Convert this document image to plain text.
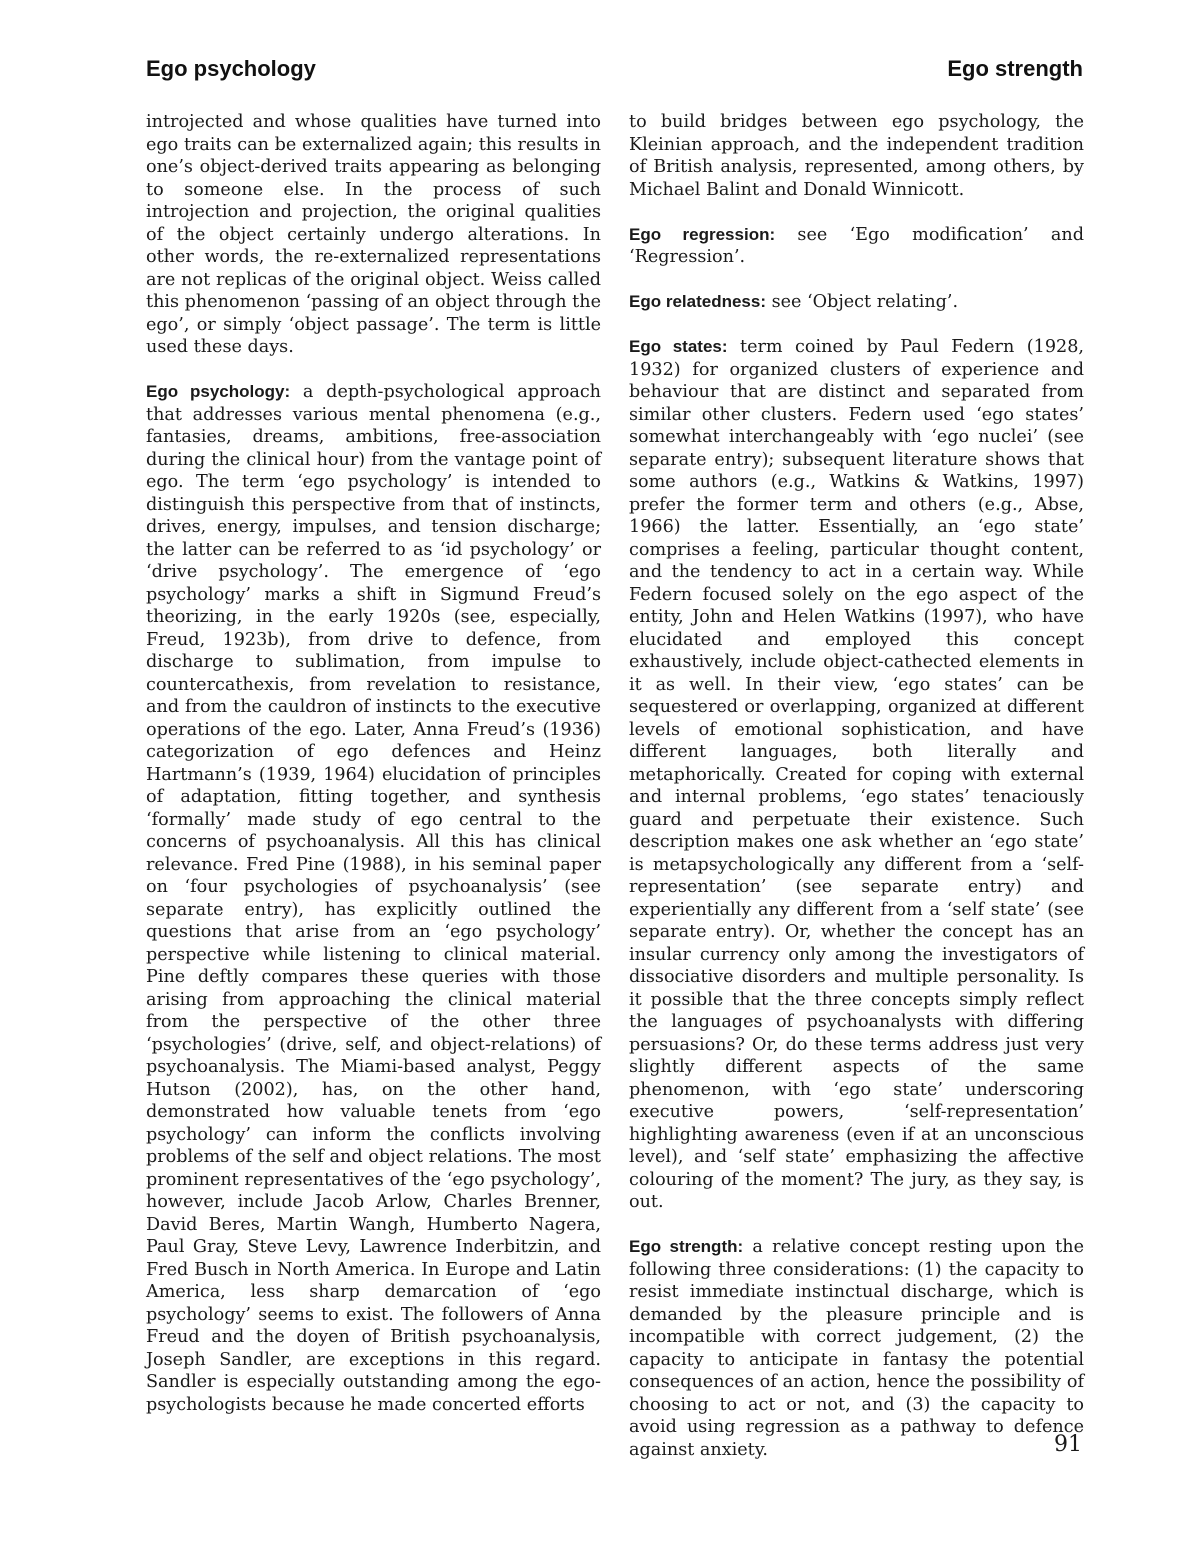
Ego psychology	Ego strength

introjected and whose qualities have turned into ego traits can be externalized again; this results in one’s object-derived traits appearing as belonging to someone else. In the process of such introjection and projection, the original qualities of the object certainly undergo alterations. In other words, the re-externalized representations are not replicas of the original object. Weiss called this phenomenon ‘passing of an object through the ego’, or simply ‘object passage’. The term is little used these days.

Ego psychology: a depth-psychological approach that addresses various mental phenomena (e.g., fantasies, dreams, ambitions, free-association during the clinical hour) from the vantage point of ego. The term ‘ego psychology’ is intended to distinguish this perspective from that of instincts, drives, energy, impulses, and tension discharge; the latter can be referred to as ‘id psychology’ or ‘drive psychology’. The emergence of ‘ego psychology’ marks a shift in Sigmund Freud’s theorizing, in the early 1920s (see, especially, Freud, 1923b), from drive to defence, from discharge to sublimation, from impulse to countercathexis, from revelation to resistance, and from the cauldron of instincts to the executive operations of the ego. Later, Anna Freud’s (1936) categorization of ego defences and Heinz Hartmann’s (1939, 1964) elucidation of principles of adaptation, fitting together, and synthesis ‘formally’ made study of ego central to the concerns of psychoanalysis. All this has clinical relevance. Fred Pine (1988), in his seminal paper on ‘four psychologies of psychoanalysis’ (see separate entry), has explicitly outlined the questions that arise from an ‘ego psychology’ perspective while listening to clinical material. Pine deftly compares these queries with those arising from approaching the clinical material from the perspective of the other three ‘psychologies’ (drive, self, and object-relations) of psychoanalysis. The Miami-based analyst, Peggy Hutson (2002), has, on the other hand, demonstrated how valuable tenets from ‘ego psychology’ can inform the conflicts involving problems of the self and object relations. The most prominent representatives of the ‘ego psychology’, however, include Jacob Arlow, Charles Brenner, David Beres, Martin Wangh, Humberto Nagera, Paul Gray, Steve Levy, Lawrence Inderbitzin, and Fred Busch in North America. In Europe and Latin America, less sharp demarcation of ‘ego psychology’ seems to exist. The followers of Anna Freud and the doyen of British psychoanalysis, Joseph Sandler, are exceptions in this regard. Sandler is especially outstanding among the ego-psychologists because he made concerted efforts

to build bridges between ego psychology, the Kleinian approach, and the independent tradition of British analysis, represented, among others, by Michael Balint and Donald Winnicott.

Ego regression: see ‘Ego modification’ and ‘Regression’.

Ego relatedness: see ‘Object relating’.

Ego states: term coined by Paul Federn (1928, 1932) for organized clusters of experience and behaviour that are distinct and separated from similar other clusters. Federn used ‘ego states’ somewhat interchangeably with ‘ego nuclei’ (see separate entry); subsequent literature shows that some authors (e.g., Watkins & Watkins, 1997) prefer the former term and others (e.g., Abse, 1966) the latter. Essentially, an ‘ego state’ comprises a feeling, particular thought content, and the tendency to act in a certain way. While Federn focused solely on the ego aspect of the entity, John and Helen Watkins (1997), who have elucidated and employed this concept exhaustively, include object-cathected elements in it as well. In their view, ‘ego states’ can be sequestered or overlapping, organized at different levels of emotional sophistication, and have different languages, both literally and metaphorically. Created for coping with external and internal problems, ‘ego states’ tenaciously guard and perpetuate their existence. Such description makes one ask whether an ‘ego state’ is metapsychologically any different from a ‘self-representation’ (see separate entry) and experientially any different from a ‘self state’ (see separate entry). Or, whether the concept has an insular currency only among the investigators of dissociative disorders and multiple personality. Is it possible that the three concepts simply reflect the languages of psychoanalysts with differing persuasions? Or, do these terms address just very slightly different aspects of the same phenomenon, with ‘ego state’ underscoring executive powers, ‘self-representation’ highlighting awareness (even if at an unconscious level), and ‘self state’ emphasizing the affective colouring of the moment? The jury, as they say, is out.

Ego strength: a relative concept resting upon the following three considerations: (1) the capacity to resist immediate instinctual discharge, which is demanded by the pleasure principle and is incompatible with correct judgement, (2) the capacity to anticipate in fantasy the potential consequences of an action, hence the possibility of choosing to act or not, and (3) the capacity to avoid using regression as a pathway to defence against anxiety.	91
